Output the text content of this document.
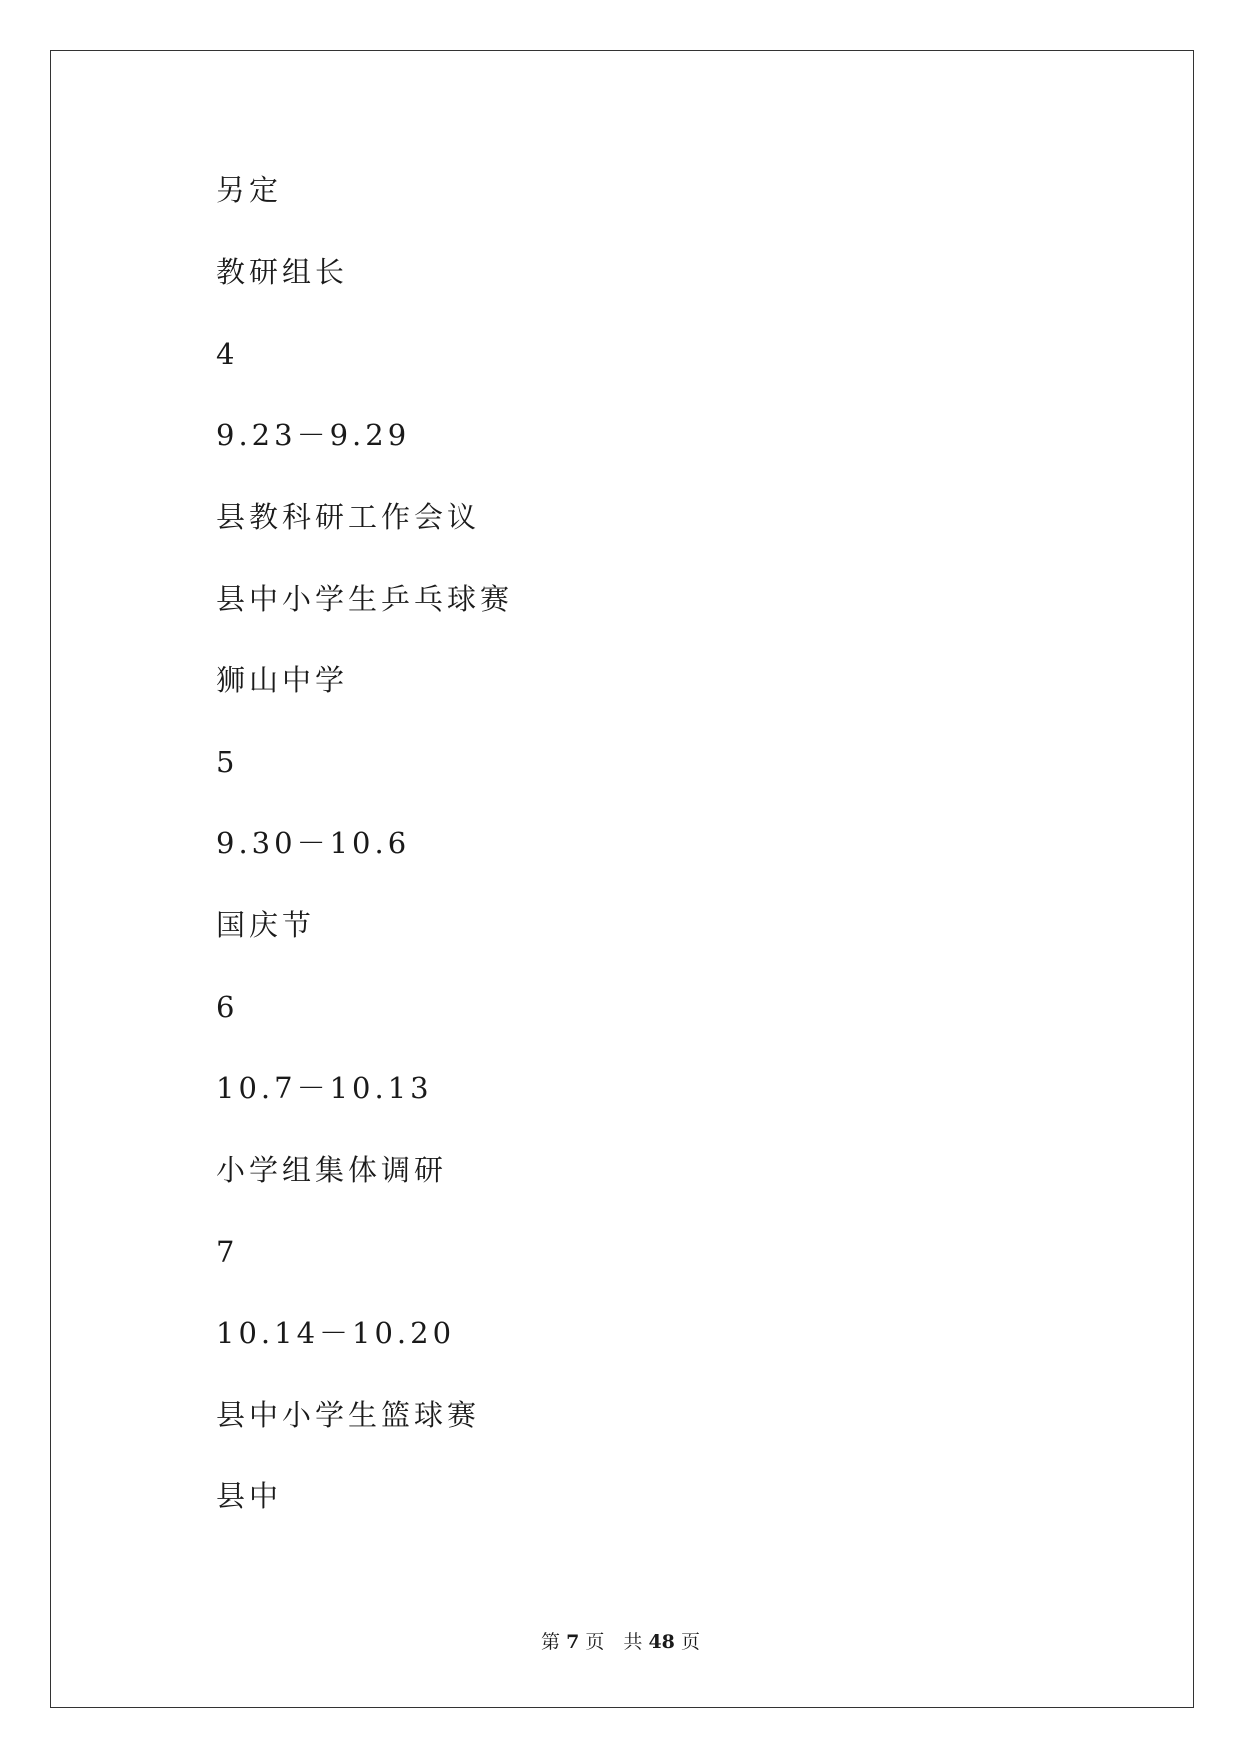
另定
教研组长
4
9.23－9.29
县教科研工作会议
县中小学生乒乓球赛
狮山中学
5
9.30－10.6
国庆节
6
10.7－10.13
小学组集体调研
7
10.14－10.20
县中小学生篮球赛
县中
第 7 页　共 48 页
